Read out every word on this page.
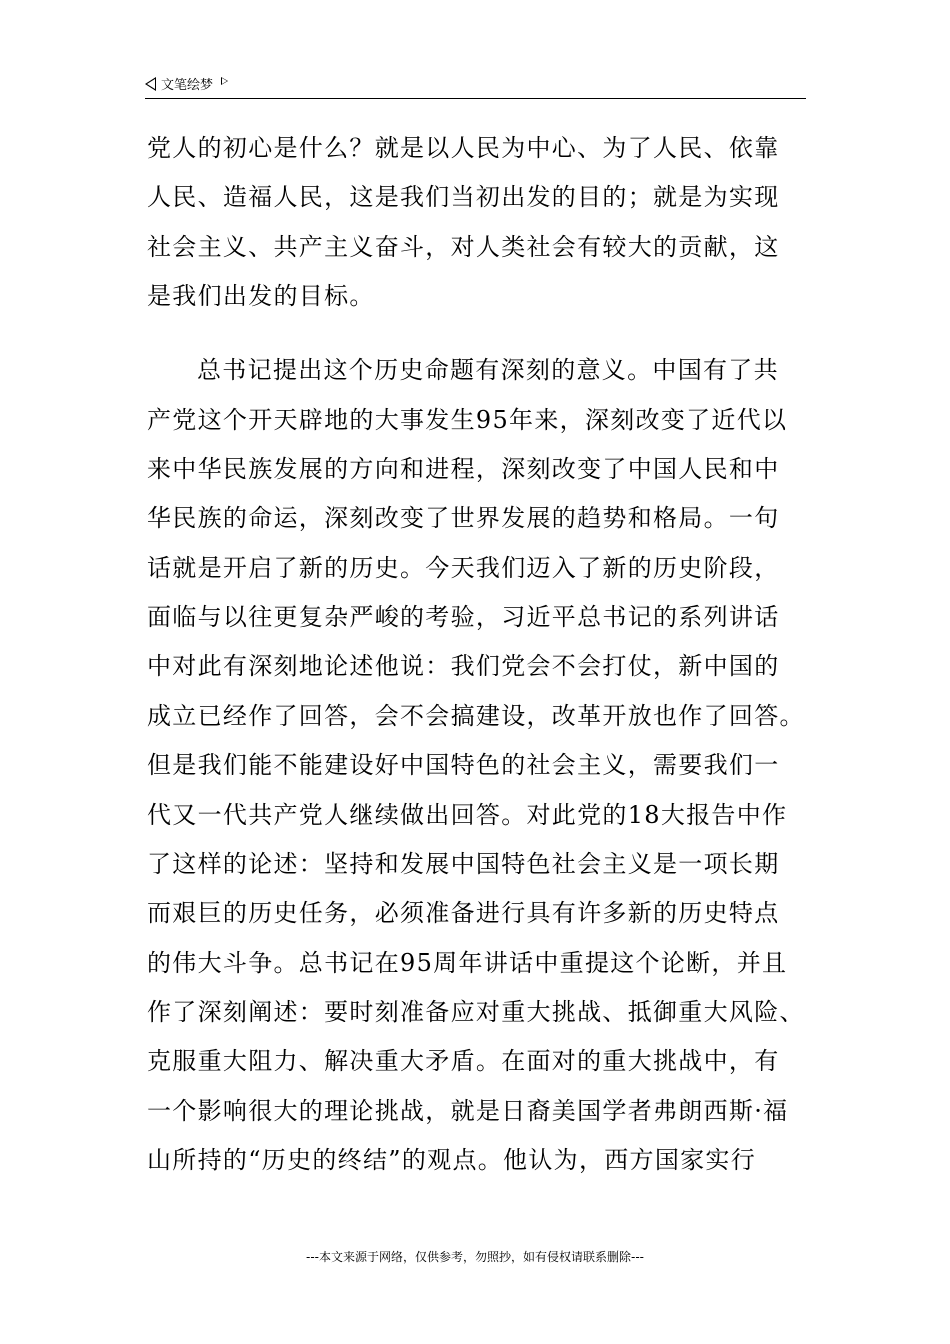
文笔绘梦
党人的初心是什么？就是以人民为中心、为了人民、依靠
人民、造福人民，这是我们当初出发的目的；就是为实现
社会主义、共产主义奋斗，对人类社会有较大的贡献，这
是我们出发的目标。
总书记提出这个历史命题有深刻的意义。中国有了共
产党这个开天辟地的大事发生95年来，深刻改变了近代以
来中华民族发展的方向和进程，深刻改变了中国人民和中
华民族的命运，深刻改变了世界发展的趋势和格局。一句
话就是开启了新的历史。今天我们迈入了新的历史阶段，
面临与以往更复杂严峻的考验，习近平总书记的系列讲话
中对此有深刻地论述他说：我们党会不会打仗，新中国的
成立已经作了回答，会不会搞建设，改革开放也作了回答。
但是我们能不能建设好中国特色的社会主义，需要我们一
代又一代共产党人继续做出回答。对此党的18大报告中作
了这样的论述：坚持和发展中国特色社会主义是一项长期
而艰巨的历史任务，必须准备进行具有许多新的历史特点
的伟大斗争。总书记在95周年讲话中重提这个论断，并且
作了深刻阐述：要时刻准备应对重大挑战、抵御重大风险、
克服重大阻力、解决重大矛盾。在面对的重大挑战中，有
一个影响很大的理论挑战，就是日裔美国学者弗朗西斯·福
山所持的“历史的终结”的观点。他认为，西方国家实行
---本文来源于网络，仅供参考，勿照抄，如有侵权请联系删除---
